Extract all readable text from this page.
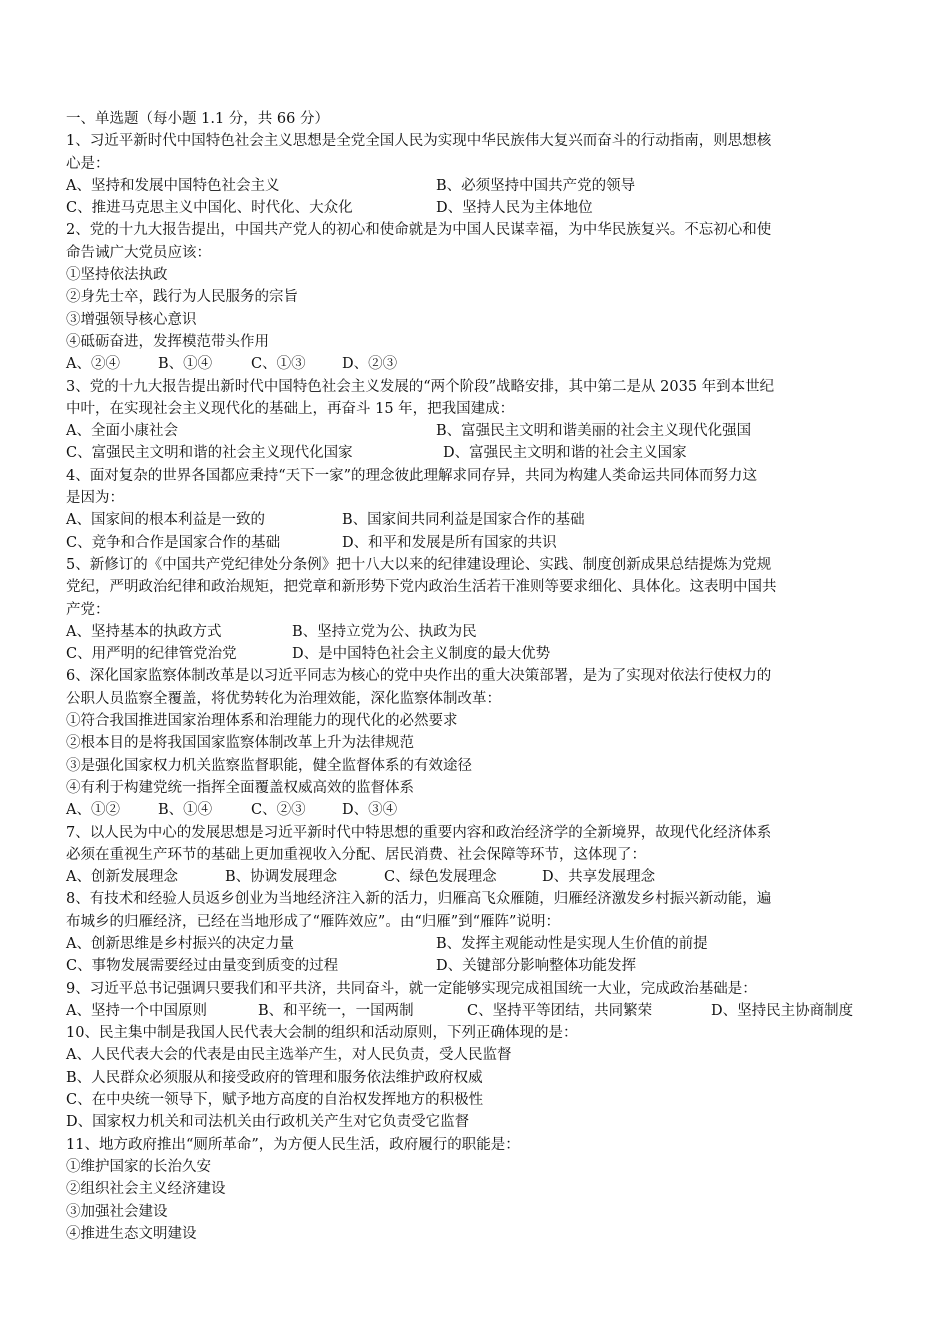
一、单选题（每小题 1.1 分，共 66 分）
1、习近平新时代中国特色社会主义思想是全党全国人民为实现中华民族伟大复兴而奋斗的行动指南，则思想核
心是：
A、坚持和发展中国特色社会主义	B、必须坚持中国共产党的领导
C、推进马克思主义中国化、时代化、大众化	D、坚持人民为主体地位
2、党的十九大报告提出，中国共产党人的初心和使命就是为中国人民谋幸福，为中华民族复兴。不忘初心和使
命告诫广大党员应该：
①坚持依法执政
②身先士卒，践行为人民服务的宗旨
③增强领导核心意识
④砥砺奋进，发挥模范带头作用
A、②④	B、①④	C、①③	D、②③
3、党的十九大报告提出新时代中国特色社会主义发展的“两个阶段”战略安排，其中第二是从 2035 年到本世纪
中叶，在实现社会主义现代化的基础上，再奋斗 15 年，把我国建成：
A、全面小康社会	B、富强民主文明和谐美丽的社会主义现代化强国
C、富强民主文明和谐的社会主义现代化国家	D、富强民主文明和谐的社会主义国家
4、面对复杂的世界各国都应秉持“天下一家”的理念彼此理解求同存异，共同为构建人类命运共同体而努力这
是因为：
A、国家间的根本利益是一致的	B、国家间共同利益是国家合作的基础
C、竞争和合作是国家合作的基础	D、和平和发展是所有国家的共识
5、新修订的《中国共产党纪律处分条例》把十八大以来的纪律建设理论、实践、制度创新成果总结提炼为党规
党纪，严明政治纪律和政治规矩，把党章和新形势下党内政治生活若干准则等要求细化、具体化。这表明中国共
产党：
A、坚持基本的执政方式	B、坚持立党为公、执政为民
C、用严明的纪律管党治党	D、是中国特色社会主义制度的最大优势
6、深化国家监察体制改革是以习近平同志为核心的党中央作出的重大决策部署，是为了实现对依法行使权力的
公职人员监察全覆盖，将优势转化为治理效能，深化监察体制改革：
①符合我国推进国家治理体系和治理能力的现代化的必然要求
②根本目的是将我国国家监察体制改革上升为法律规范
③是强化国家权力机关监察监督职能，健全监督体系的有效途径
④有利于构建党统一指挥全面覆盖权威高效的监督体系
A、①②	B、①④	C、②③	D、③④
7、以人民为中心的发展思想是习近平新时代中特思想的重要内容和政治经济学的全新境界，故现代化经济体系
必须在重视生产环节的基础上更加重视收入分配、居民消费、社会保障等环节，这体现了：
A、创新发展理念	B、协调发展理念	C、绿色发展理念	D、共享发展理念
8、有技术和经验人员返乡创业为当地经济注入新的活力，归雁高飞众雁随，归雁经济激发乡村振兴新动能，遍
布城乡的归雁经济，已经在当地形成了“雁阵效应”。由“归雁”到“雁阵”说明：
A、创新思维是乡村振兴的决定力量	B、发挥主观能动性是实现人生价值的前提
C、事物发展需要经过由量变到质变的过程	D、关键部分影响整体功能发挥
9、习近平总书记强调只要我们和平共济，共同奋斗，就一定能够实现完成祖国统一大业，完成政治基础是：
A、坚持一个中国原则	B、和平统一，一国两制	C、坚持平等团结，共同繁荣	D、坚持民主协商制度
10、民主集中制是我国人民代表大会制的组织和活动原则，下列正确体现的是：
A、人民代表大会的代表是由民主选举产生，对人民负责，受人民监督
B、人民群众必须服从和接受政府的管理和服务依法维护政府权威
C、在中央统一领导下，赋予地方高度的自治权发挥地方的积极性
D、国家权力机关和司法机关由行政机关产生对它负责受它监督
11、地方政府推出“厕所革命”，为方便人民生活，政府履行的职能是：
①维护国家的长治久安
②组织社会主义经济建设
③加强社会建设
④推进生态文明建设
